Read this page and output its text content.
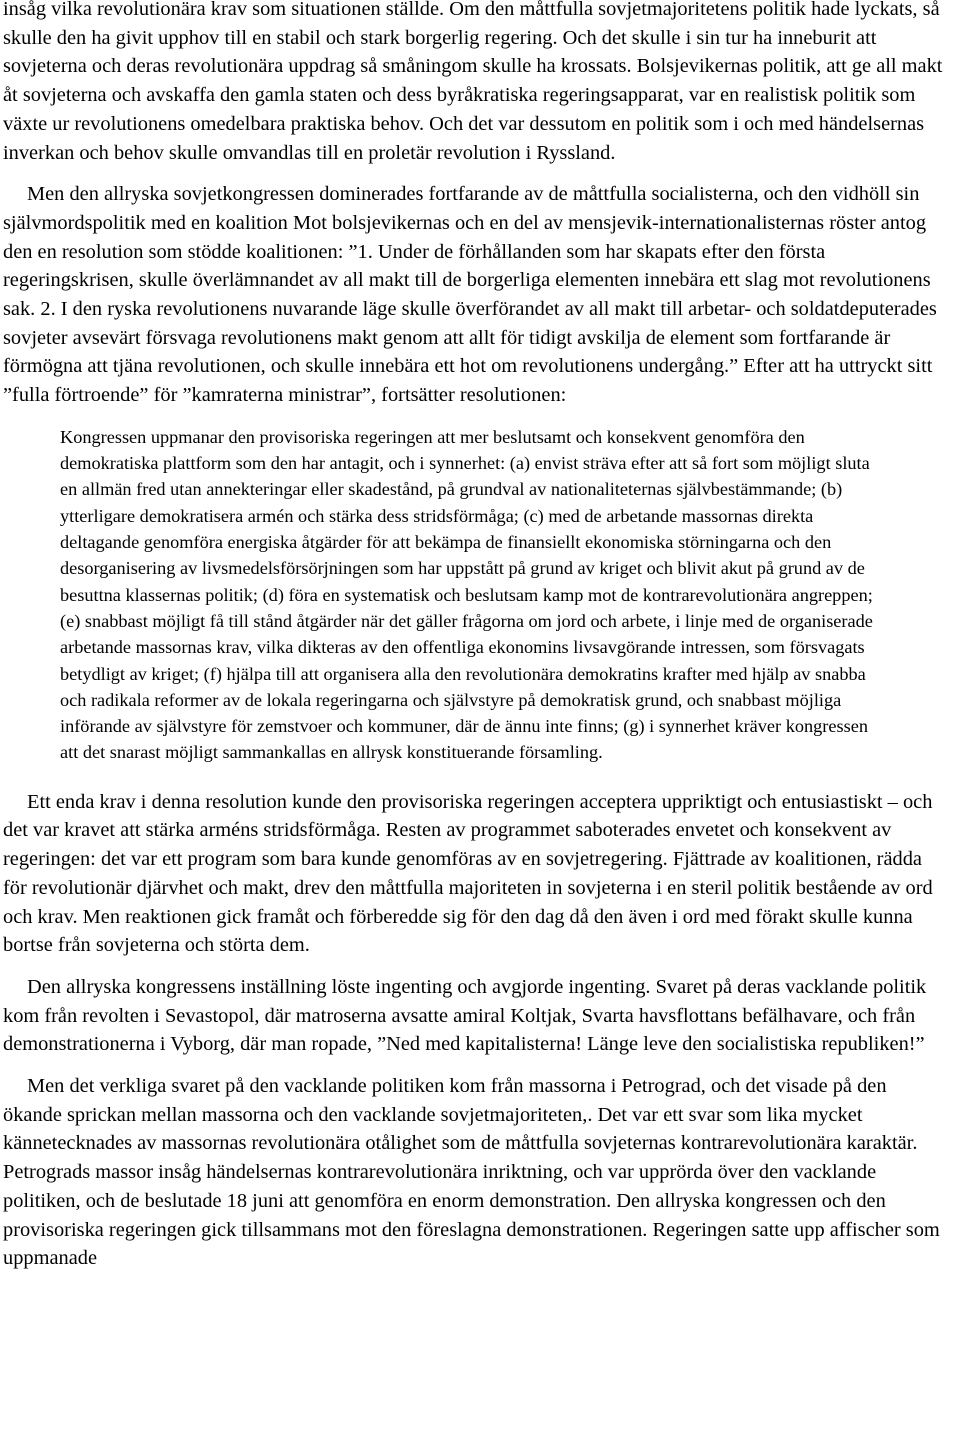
insåg vilka revolutionära krav som situationen ställde. Om den måttfulla sovjetmajoritetens politik hade lyckats, så skulle den ha givit upphov till en stabil och stark borgerlig regering. Och det skulle i sin tur ha inneburit att sovjeterna och deras revolutionära uppdrag så småningom skulle ha krossats. Bolsjevikernas politik, att ge all makt åt sovjeterna och avskaffa den gamla staten och dess byråkratiska regeringsapparat, var en realistisk politik som växte ur revolutionens omedelbara praktiska behov. Och det var dessutom en politik som i och med händelsernas inverkan och behov skulle omvandlas till en proletär revolution i Ryssland.

Men den allryska sovjetkongressen dominerades fortfarande av de måttfulla socialisterna, och den vidhöll sin självmordspolitik med en koalition Mot bolsjevikernas och en del av mensjevik-internationalisternas röster antog den en resolution som stödde koalitionen: ”1. Under de förhållanden som har skapats efter den första regeringskrisen, skulle överlämnandet av all makt till de borgerliga elementen innebära ett slag mot revolutionens sak. 2. I den ryska revolutionens nuvarande läge skulle överförandet av all makt till arbetar- och soldatdeputerades sovjeter avsevärt försvaga revolutionens makt genom att allt för tidigt avskilja de element som fortfarande är förmögna att tjäna revolutionen, och skulle innebära ett hot om revolutionens undergång.” Efter att ha uttryckt sitt ”fulla förtroende” för ”kamraterna ministrar”, fortsätter resolutionen:

Kongressen uppmanar den provisoriska regeringen att mer beslutsamt och konsekvent genomföra den demokratiska plattform som den har antagit, och i synnerhet: (a) envist sträva efter att så fort som möjligt sluta en allmän fred utan annekteringar eller skadestånd, på grundval av nationaliteternas självbestämmande; (b) ytterligare demokratisera armén och stärka dess stridsförmåga; (c) med de arbetande massornas direkta deltagande genomföra energiska åtgärder för att bekämpa de finansiellt ekonomiska störningarna och den desorganisering av livsmedelsförsörjningen som har uppstått på grund av kriget och blivit akut på grund av de besuttna klassernas politik; (d) föra en systematisk och beslutsam kamp mot de kontrarevolutionära angreppen; (e) snabbast möjligt få till stånd åtgärder när det gäller frågorna om jord och arbete, i linje med de organiserade arbetande massornas krav, vilka dikteras av den offentliga ekonomins livsavgörande intressen, som försvagats betydligt av kriget; (f) hjälpa till att organisera alla den revolutionära demokratins krafter med hjälp av snabba och radikala reformer av de lokala regeringarna och självstyre på demokratisk grund, och snabbast möjliga införande av självstyre för zemstvoer och kommuner, där de ännu inte finns; (g) i synnerhet kräver kongressen att det snarast möjligt sammankallas en allrysk konstituerande församling.

Ett enda krav i denna resolution kunde den provisoriska regeringen acceptera uppriktigt och entusiastiskt – och det var kravet att stärka arméns stridsförmåga. Resten av programmet saboterades envetet och konsekvent av regeringen: det var ett program som bara kunde genomföras av en sovjetregering. Fjättrade av koalitionen, rädda för revolutionär djärvhet och makt, drev den måttfulla majoriteten in sovjeterna i en steril politik bestående av ord och krav. Men reaktionen gick framåt och förberedde sig för den dag då den även i ord med förakt skulle kunna bortse från sovjeterna och störta dem.

Den allryska kongressens inställning löste ingenting och avgjorde ingenting. Svaret på deras vacklande politik kom från revolten i Sevastopol, där matroserna avsatte amiral Koltjak, Svarta havsflottans befälhavare, och från demonstrationerna i Vyborg, där man ropade, ”Ned med kapitalisterna! Länge leve den socialistiska republiken!”

Men det verkliga svaret på den vacklande politiken kom från massorna i Petrograd, och det visade på den ökande sprickan mellan massorna och den vacklande sovjetmajoriteten,. Det var ett svar som lika mycket kännetecknades av massornas revolutionära otålighet som de måttfulla sovjeternas kontrarevolutionära karaktär. Petrograds massor insåg händelsernas kontrarevolutionära inriktning, och var upprörda över den vacklande politiken, och de beslutade 18 juni att genomföra en enorm demonstration. Den allryska kongressen och den provisoriska regeringen gick tillsammans mot den föreslagna demonstrationen. Regeringen satte upp affischer som uppmanade
